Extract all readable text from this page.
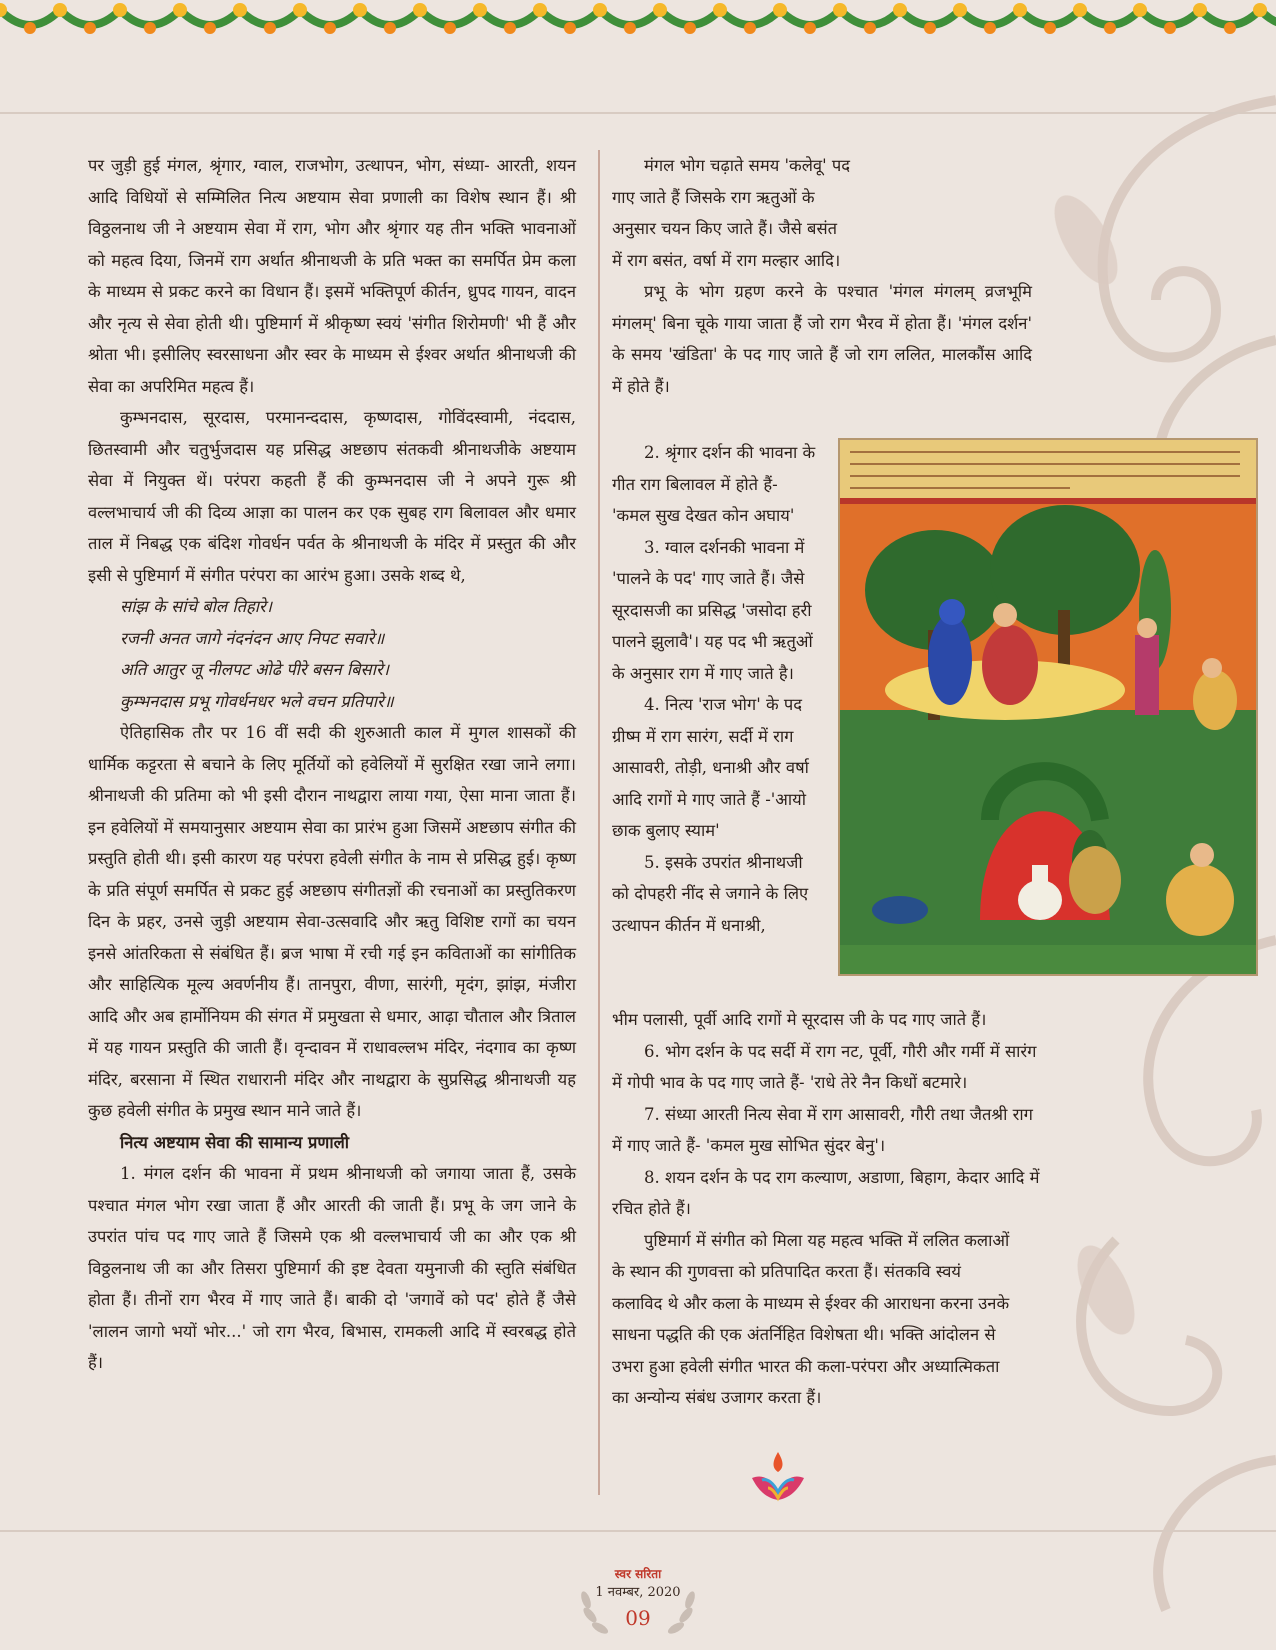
पर जुड़ी हुई मंगल, श्रृंगार, ग्वाल, राजभोग, उत्थापन, भोग, संध्या- आरती, शयन आदि विधियों से सम्मिलित नित्य अष्टयाम सेवा प्रणाली का विशेष स्थान हैं। श्री विठ्ठलनाथ जी ने अष्टयाम सेवा में राग, भोग और श्रृंगार यह तीन भक्ति भावनाओं को महत्व दिया, जिनमें राग अर्थात श्रीनाथजी के प्रति भक्त का समर्पित प्रेम कला के माध्यम से प्रकट करने का विधान हैं। इसमें भक्तिपूर्ण कीर्तन, ध्रुपद गायन, वादन और नृत्य से सेवा होती थी। पुष्टिमार्ग में श्रीकृष्ण स्वयं 'संगीत शिरोमणी' भी हैं और श्रोता भी। इसीलिए स्वरसाधना और स्वर के माध्यम से ईश्वर अर्थात श्रीनाथजी की सेवा का अपरिमित महत्व हैं।

कुम्भनदास, सूरदास, परमानन्ददास, कृष्णदास, गोविंदस्वामी, नंददास, छितस्वामी और चतुर्भुजदास यह प्रसिद्ध अष्टछाप संतकवी श्रीनाथजीके अष्टयाम सेवा में नियुक्त थें। परंपरा कहती हैं की कुम्भनदास जी ने अपने गुरू श्री वल्लभाचार्य जी की दिव्य आज्ञा का पालन कर एक सुबह राग बिलावल और धमार ताल में निबद्ध एक बंदिश गोवर्धन पर्वत के श्रीनाथजी के मंदिर में प्रस्तुत की और इसी से पुष्टिमार्ग में संगीत परंपरा का आरंभ हुआ। उसके शब्द थे,

सांझ के सांचे बोल तिहारे।

रजनी अनत जागे नंदनंदन आए निपट सवारे॥

अति आतुर जू नीलपट ओढे पीरे बसन बिसारे।

कुम्भनदास प्रभू गोवर्धनधर भले वचन प्रतिपारे॥

ऐतिहासिक तौर पर 16 वीं सदी की शुरुआती काल में मुगल शासकों की धार्मिक कट्टरता से बचाने के लिए मूर्तियों को हवेलियों में सुरक्षित रखा जाने लगा। श्रीनाथजी की प्रतिमा को भी इसी दौरान नाथद्वारा लाया गया, ऐसा माना जाता हैं। इन हवेलियों में समयानुसार अष्टयाम सेवा का प्रारंभ हुआ जिसमें अष्टछाप संगीत की प्रस्तुति होती थी। इसी कारण यह परंपरा हवेली संगीत के नाम से प्रसिद्ध हुई। कृष्ण के प्रति संपूर्ण समर्पित से प्रकट हुई अष्टछाप संगीतज्ञों की रचनाओं का प्रस्तुतिकरण दिन के प्रहर, उनसे जुड़ी अष्टयाम सेवा-उत्सवादि और ऋतु विशिष्ट रागों का चयन इनसे आंतरिकता से संबंधित हैं। ब्रज भाषा में रची गई इन कविताओं का सांगीतिक और साहित्यिक मूल्य अवर्णनीय हैं। तानपुरा, वीणा, सारंगी, मृदंग, झांझ, मंजीरा आदि और अब हार्मोनियम की संगत में प्रमुखता से धमार, आढ़ा चौताल और त्रिताल में यह गायन प्रस्तुति की जाती हैं। वृन्दावन में राधावल्लभ मंदिर, नंदगाव का कृष्ण मंदिर, बरसाना में स्थित राधारानी मंदिर और नाथद्वारा के सुप्रसिद्ध श्रीनाथजी यह कुछ हवेली संगीत के प्रमुख स्थान माने जाते हैं।

नित्य अष्टयाम सेवा की सामान्य प्रणाली

1. मंगल दर्शन की भावना में प्रथम श्रीनाथजी को जगाया जाता हैं, उसके पश्चात मंगल भोग रखा जाता हैं और आरती की जाती हैं। प्रभू के जग जाने के उपरांत पांच पद गाए जाते हैं जिसमे एक श्री वल्लभाचार्य जी का और एक श्री विठ्ठलनाथ जी का और तिसरा पुष्टिमार्ग की इष्ट देवता यमुनाजी की स्तुति संबंधित होता हैं। तीनों राग भैरव में गाए जाते हैं। बाकी दो 'जगावें को पद' होते हैं जैसे 'लालन जागो भयों भोर...' जो राग भैरव, बिभास, रामकली आदि में स्वरबद्ध होते हैं।

मंगल भोग चढ़ाते समय 'कलेवू' पद गाए जाते हैं जिसके राग ऋतुओं के अनुसार चयन किए जाते हैं। जैसे बसंत में राग बसंत, वर्षा में राग मल्हार आदि।

प्रभू के भोग ग्रहण करने के पश्चात 'मंगल मंगलम् व्रजभूमि मंगलम्' बिना चूके गाया जाता हैं जो राग भैरव में होता हैं। 'मंगल दर्शन' के समय 'खंडिता' के पद गाए जाते हैं जो राग ललित, मालकौंस आदि में होते हैं।

2. श्रृंगार दर्शन की भावना के गीत राग बिलावल में होते हैं- 'कमल सुख देखत कोन अघाय'

3. ग्वाल दर्शनकी भावना में 'पालने के पद' गाए जाते हैं। जैसे सूरदासजी का प्रसिद्ध 'जसोदा हरी पालने झुलावै'। यह पद भी ऋतुओं के अनुसार राग में गाए जाते है।

4. नित्य 'राज भोग' के पद ग्रीष्म में राग सारंग, सर्दी में राग आसावरी, तोड़ी, धनाश्री और वर्षा आदि रागों मे गाए जाते हैं -'आयो छाक बुलाए स्याम'

5. इसके उपरांत श्रीनाथजी को दोपहरी नींद से जगाने के लिए उत्थापन कीर्तन में धनाश्री,

भीम पलासी, पूर्वी आदि रागों मे सूरदास जी के पद गाए जाते हैं।

6. भोग दर्शन के पद सर्दी में राग नट, पूर्वी, गौरी और गर्मी में सारंग में गोपी भाव के पद गाए जाते हैं- 'राधे तेरे नैन किधों बटमारे।

7. संध्या आरती नित्य सेवा में राग आसावरी, गौरी तथा जैतश्री राग में गाए जाते हैं- 'कमल मुख सोभित सुंदर बेनु'।

8. शयन दर्शन के पद राग कल्याण, अडाणा, बिहाग, केदार आदि में रचित होते हैं।

पुष्टिमार्ग में संगीत को मिला यह महत्व भक्ति में ललित कलाओं के स्थान की गुणवत्ता को प्रतिपादित करता हैं। संतकवि स्वयं कलाविद थे और कला के माध्यम से ईश्वर की आराधना करना उनके साधना पद्धति की एक अंतर्निहित विशेषता थी। भक्ति आंदोलन से उभरा हुआ हवेली संगीत भारत की कला-परंपरा और अध्यात्मिकता का अन्योन्य संबंध उजागर करता हैं।

स्वर सरिता
1 नवम्बर, 2020
09
